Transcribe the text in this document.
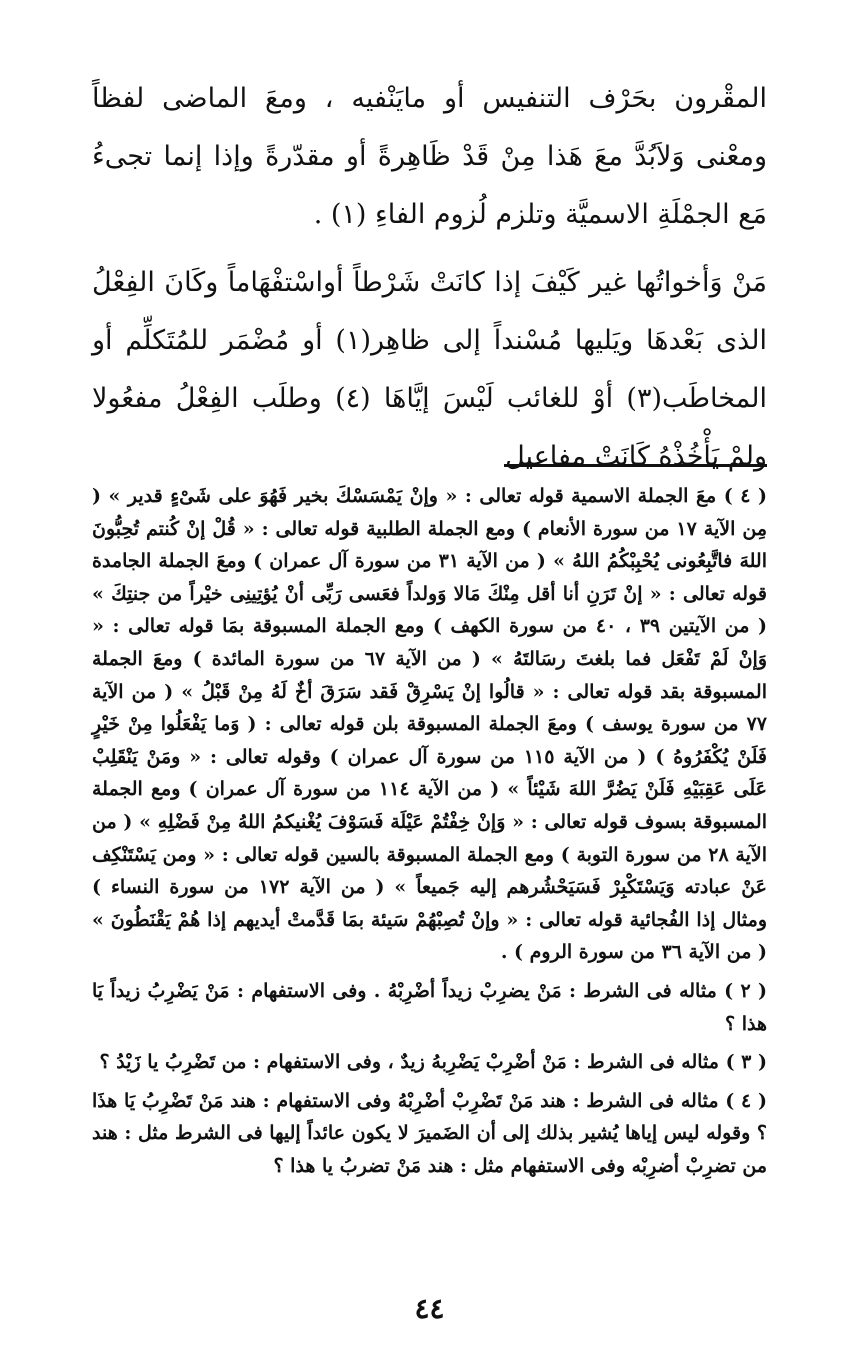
المقْرون بحَرْف التنفيس أو مايَنْفيه ، ومعَ الماضى لفظاً ومعْنى وَلاَبُدَّ معَ هَذا مِنْ قَدْ ظَاهِرةً أو مقدّرةً وإذا إنما تجىءُ مَع الجمْلَةِ الاسميَّة وتلزم لُزوم الفاءِ (١) .

مَنْ وَأخواتُها غير كَيْفَ إذا كانَتْ شَرْطاً أواسْتفْهَاماً وكَانَ الفِعْلُ الذى بَعْدهَا ويَليها مُسْنداً إلى ظاهِر(١) أو مُضْمَر للمُتَكلِّم أو المخاطَب(٣) أوْ للغائب لَيْسَ إيَّاهَا (٤) وطلَب الفِعْلُ مفعُولا ولمْ يَأْخُذْهُ كَانَتْ مفاعيل

( ٤ ) معَ الجملة الاسمية قوله تعالى : « وإنْ يَمْسَسْكَ بخير فَهُوَ على شَىْءٍ قدير » ( مِن الآية ١٧ من سورة الأنعام ) ومع الجملة الطلبية قوله تعالى : « قُلْ إنْ كُنتم تُحِبُّونَ اللهَ فاتَّبِعُونى يُحْبِبْكُمُ اللهُ » ( من الآية ٣١ من سورة آل عمران ) ومعَ الجملة الجامدة قوله تعالى : « إنْ تَرَنِ أنا أقل مِنْكَ مَالا وَولداً فعَسى رَبِّى أنْ يُؤتِينِى خيْراً من جنتِكَ » ( من الآيتين ٣٩ ، ٤٠ من سورة الكهف ) ومع الجملة المسبوقة بمَا قوله تعالى : « وَإنْ لَمْ تَفْعَل فما بلغتَ رسَالتَهُ » ( من الآية ٦٧ من سورة المائدة ) ومعَ الجملة المسبوقة بقد قوله تعالى : « قالُوا إنْ يَسْرِقْ فَقد سَرَقَ أخٌ لَهُ مِنْ قَبْلُ » ( من الآية ٧٧ من سورة يوسف ) ومعَ الجملة المسبوقة بلن قوله تعالى : ( وَما يَفْعَلُوا مِنْ خَيْرٍ فَلَنْ يُكْفَرُوهُ ) ( من الآية ١١٥ من سورة آل عمران ) وقوله تعالى : « ومَنْ يَنْقَلِبْ عَلَى عَقِبَيْهِ فَلَنْ يَضُرَّ اللهَ شَيْئاً » ( من الآية ١١٤ من سورة آل عمران ) ومع الجملة المسبوقة بسوف قوله تعالى : « وَإنْ خِفْتُمْ عَيْلَة فَسَوْفَ يُغْنيكمُ اللهُ مِنْ فَضْلِهِ » ( من الآية ٢٨ من سورة التوبة ) ومع الجملة المسبوقة بالسين قوله تعالى : « ومن يَسْتَنْكِف عَنْ عبادته وَيَسْتَكْبِرْ فَسَيَحْشُرهم إليه جَميعاً » ( من الآية ١٧٢ من سورة النساء ) ومثال إذا الفُجائية قوله تعالى : « وإنْ تُصِبْهُمْ سَيئة بمَا قَدَّمتْ أيديهم إذا هُمْ يَقْنَطُونَ » ( من الآية ٣٦ من سورة الروم ) .

( ٢ ) مثاله فى الشرط : مَنْ يضرِبْ زيداً أضْرِبْهُ . وفى الاستفهام : مَنْ يَضْرِبُ زيداً يَا هذا ؟

( ٣ ) مثاله فى الشرط : مَنْ أضْرِبْ يَضْرِبهُ زيدٌ ، وفى الاستفهام : من تَضْرِبُ يا زَيْدُ ؟

( ٤ ) مثاله فى الشرط : هند مَنْ تَضْرِبْ أضْرِبْهُ وفى الاستفهام : هند مَنْ تَضْرِبُ يَا هذَا ؟ وقوله ليس إياها يُشير بذلك إلى أن الضَميرَ لا يكون عائداً إليها فى الشرط مثل : هند من تضرِبْ أضرِبْه وفى الاستفهام مثل : هند مَنْ تضربُ يا هذا ؟

٤٤
